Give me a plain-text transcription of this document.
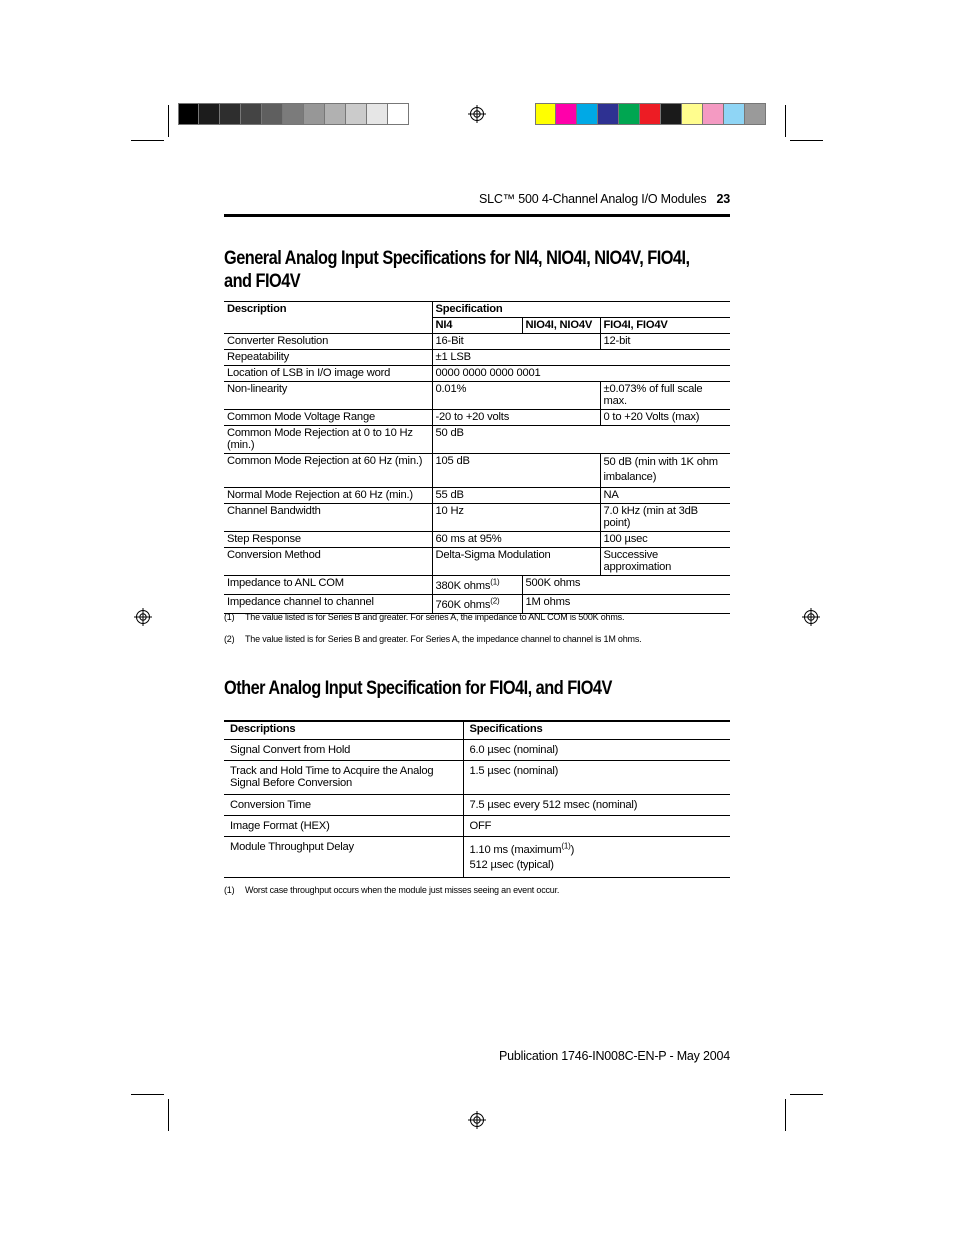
SLC™ 500 4-Channel Analog I/O Modules 23
General Analog Input Specifications for NI4, NIO4I, NIO4V, FIO4I, and FIO4V
Description	Specification		
	NI4	NIO4I, NIO4V	FIO4I, FIO4V
Converter Resolution	16-Bit		12-bit
Repeatability	±1 LSB		
Location of LSB in I/O image word	0000 0000 0000 0001		
Non-linearity	0.01%		±0.073% of full scale max.
Common Mode Voltage Range	-20 to +20 volts		0 to +20 Volts (max)
Common Mode Rejection at 0 to 10 Hz (min.)	50 dB		
Common Mode Rejection at 60 Hz (min.)	105 dB		50 dB (min with 1K ohm imbalance)
Normal Mode Rejection at 60 Hz (min.)	55 dB		NA
Channel Bandwidth	10 Hz		7.0 kHz (min at 3dB point)
Step Response	60 ms at 95%		100 µsec
Conversion Method	Delta-Sigma Modulation		Successive approximation
Impedance to ANL COM	380K ohms$^{(1)}$	500K ohms	
Impedance channel to channel	760K ohms$^{(2)}$	1M ohms	
(1) The value listed is for Series B and greater. For series A, the impedance to ANL COM is 500K ohms.
(2) The value listed is for Series B and greater. For Series A, the impedance channel to channel is 1M ohms.
Other Analog Input Specification for FIO4I, and FIO4V
Descriptions	Specifications
Signal Convert from Hold	6.0 µsec (nominal)
Track and Hold Time to Acquire the Analog Signal Before Conversion	1.5 µsec (nominal)
Conversion Time	7.5 µsec every 512 msec (nominal)
Image Format (HEX)	OFF
Module Throughput Delay	1.10 ms (maximum$^{(1)}$)
512 µsec (typical)
(1) Worst case throughput occurs when the module just misses seeing an event occur.
Publication 1746-IN008C-EN-P - May 2004
